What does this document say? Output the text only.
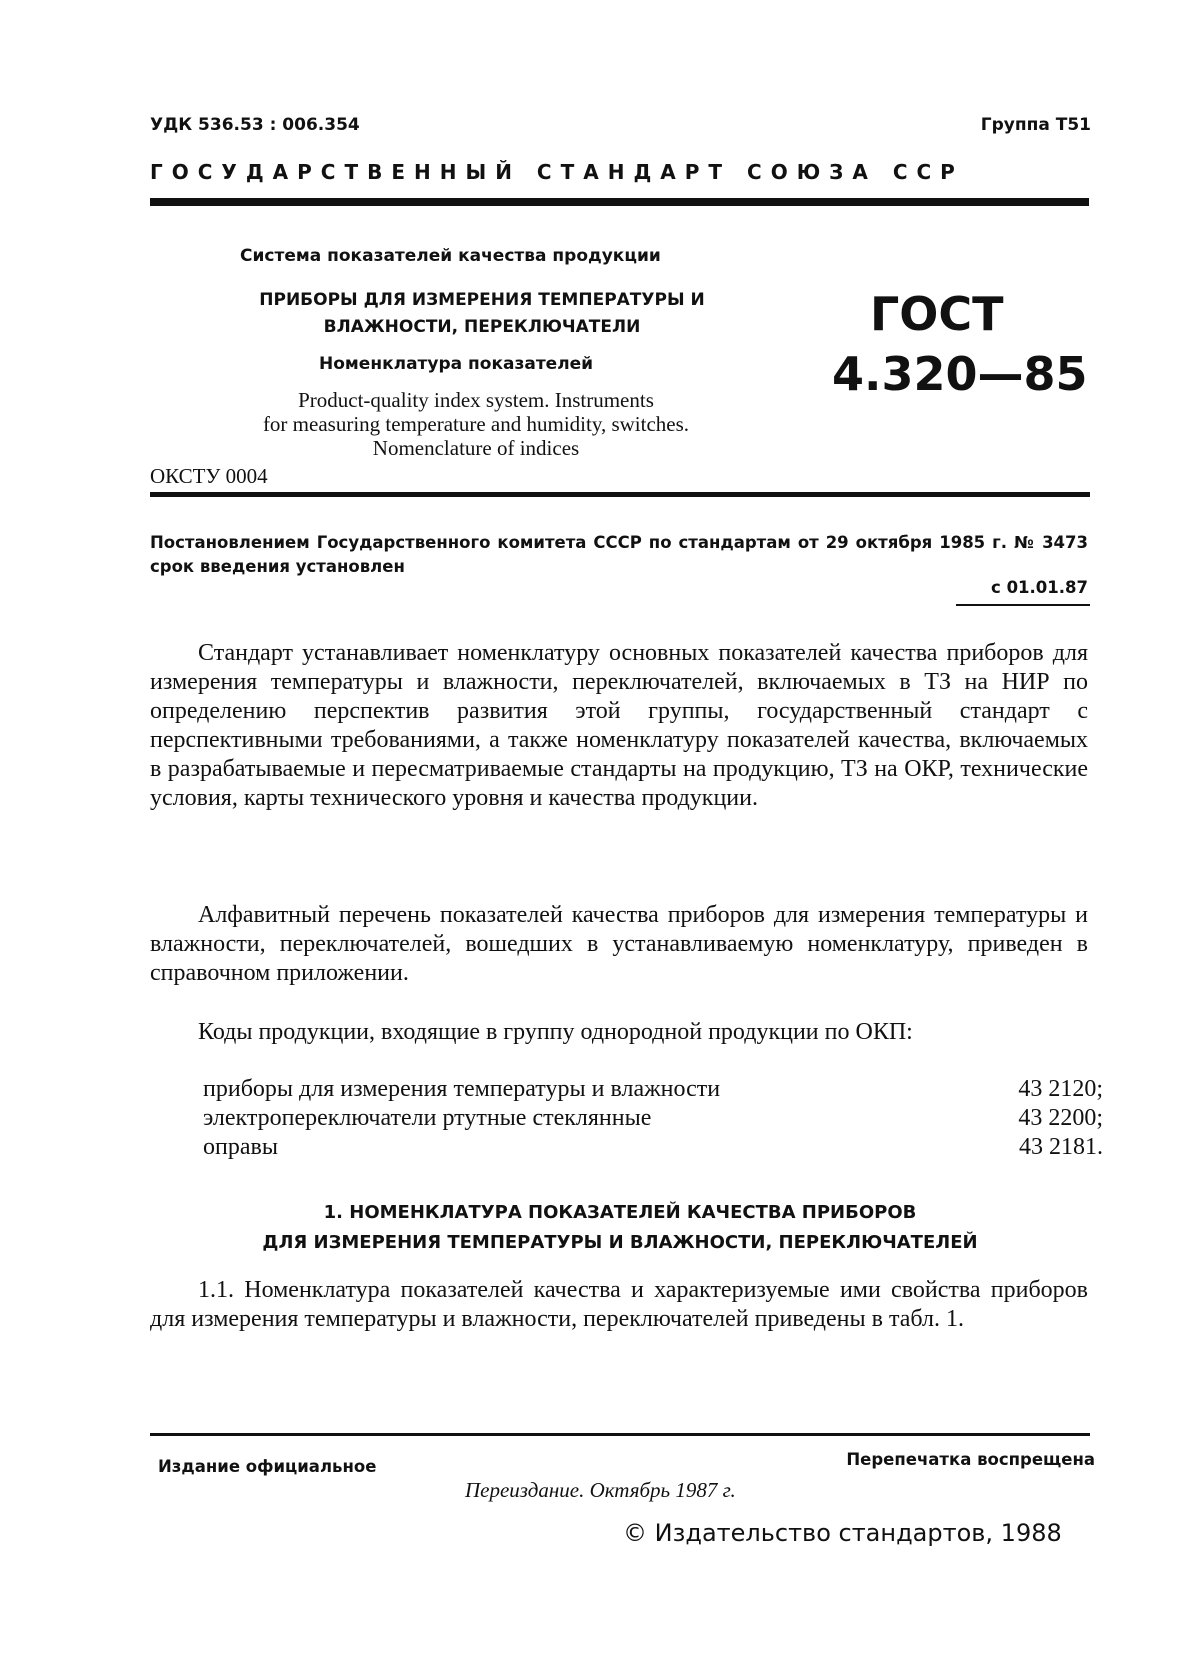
УДК 536.53 : 006.354	Группа Т51
ГОСУДАРСТВЕННЫЙ СТАНДАРТ СОЮЗА ССР
Система показателей качества продукции
ПРИБОРЫ ДЛЯ ИЗМЕРЕНИЯ ТЕМПЕРАТУРЫ И
ВЛАЖНОСТИ, ПЕРЕКЛЮЧАТЕЛИ
Номенклатура показателей
Product-quality index system. Instruments
for measuring temperature and humidity, switches.
Nomenclature of indices
ОКСТУ 0004
ГОСТ
4.320—85
Постановлением Государственного комитета СССР по стандартам от 29 октября 1985 г. № 3473 срок введения установлен
с 01.01.87
Стандарт устанавливает номенклатуру основных показателей качества приборов для измерения температуры и влажности, переключателей, включаемых в ТЗ на НИР по определению перспектив развития этой группы, государственный стандарт с перспективными требованиями, а также номенклатуру показателей качества, включаемых в разрабатываемые и пересматриваемые стандарты на продукцию, ТЗ на ОКР, технические условия, карты технического уровня и качества продукции.
Алфавитный перечень показателей качества приборов для измерения температуры и влажности, переключателей, вошедших в устанавливаемую номенклатуру, приведен в справочном приложении.
Коды продукции, входящие в группу однородной продукции по ОКП:
приборы для измерения температуры и влажности	43 2120;
электропереключатели ртутные стеклянные	43 2200;
оправы	43 2181.
1. НОМЕНКЛАТУРА ПОКАЗАТЕЛЕЙ КАЧЕСТВА ПРИБОРОВ
ДЛЯ ИЗМЕРЕНИЯ ТЕМПЕРАТУРЫ И ВЛАЖНОСТИ, ПЕРЕКЛЮЧАТЕЛЕЙ
1.1. Номенклатура показателей качества и характеризуемые ими свойства приборов для измерения температуры и влажности, переключателей приведены в табл. 1.
Издание официальное	Перепечатка воспрещена
Переиздание. Октябрь 1987 г.
© Издательство стандартов, 1988
